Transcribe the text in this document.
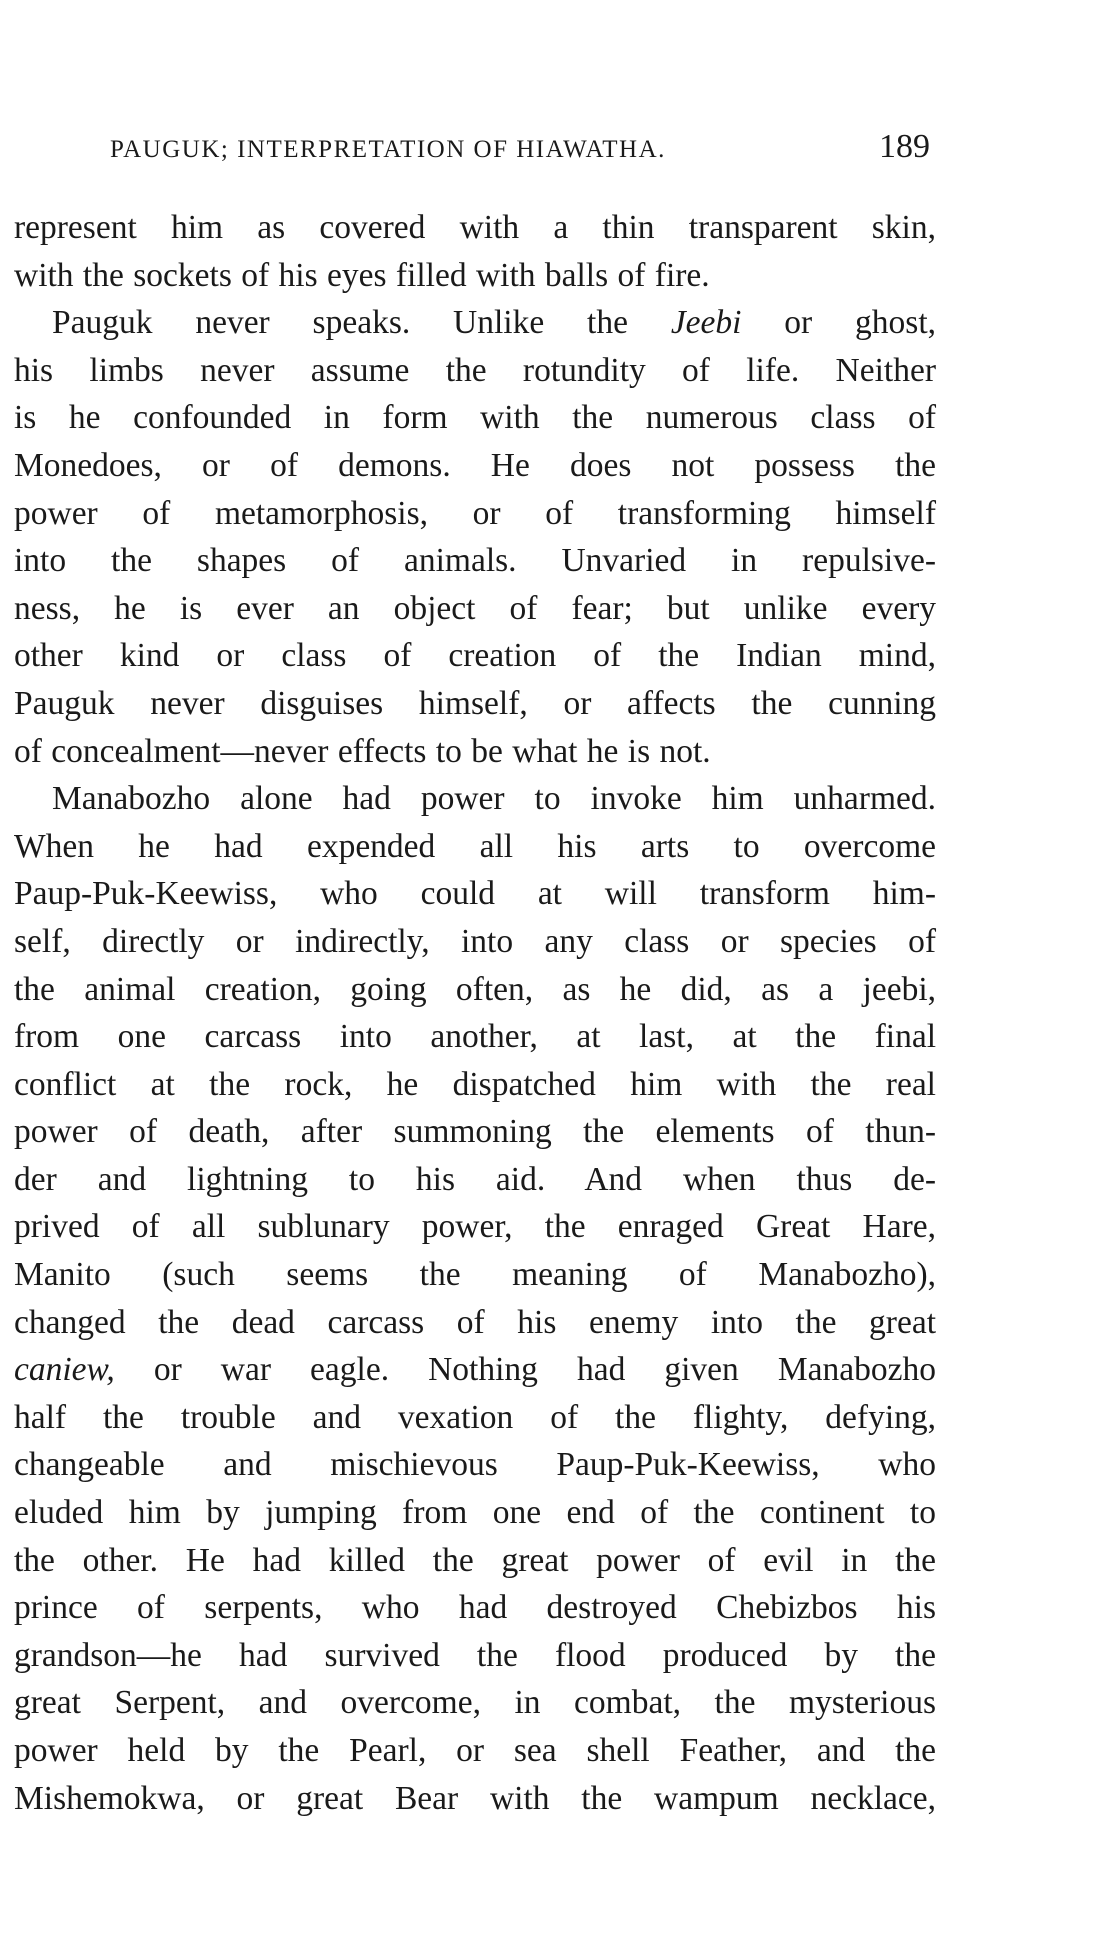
PAUGUK; INTERPRETATION OF HIAWATHA.	189

represent him as covered with a thin transparent skin,
with the sockets of his eyes filled with balls of fire.

Pauguk never speaks. Unlike the Jeebi or ghost,
his limbs never assume the rotundity of life. Neither
is he confounded in form with the numerous class of
Monedoes, or of demons. He does not possess the
power of metamorphosis, or of transforming himself
into the shapes of animals. Unvaried in repulsive-
ness, he is ever an object of fear; but unlike every
other kind or class of creation of the Indian mind,
Pauguk never disguises himself, or affects the cunning
of concealment—never effects to be what he is not.

Manabozho alone had power to invoke him unharmed.
When he had expended all his arts to overcome
Paup-Puk-Keewiss, who could at will transform him-
self, directly or indirectly, into any class or species of
the animal creation, going often, as he did, as a jeebi,
from one carcass into another, at last, at the final
conflict at the rock, he dispatched him with the real
power of death, after summoning the elements of thun-
der and lightning to his aid. And when thus de-
prived of all sublunary power, the enraged Great Hare,
Manito (such seems the meaning of Manabozho),
changed the dead carcass of his enemy into the great
caniew, or war eagle. Nothing had given Manabozho
half the trouble and vexation of the flighty, defying,
changeable and mischievous Paup-Puk-Keewiss, who
eluded him by jumping from one end of the continent to
the other. He had killed the great power of evil in the
prince of serpents, who had destroyed Chebizbos his
grandson—he had survived the flood produced by the
great Serpent, and overcome, in combat, the mysterious
power held by the Pearl, or sea shell Feather, and the
Mishemokwa, or great Bear with the wampum necklace,
